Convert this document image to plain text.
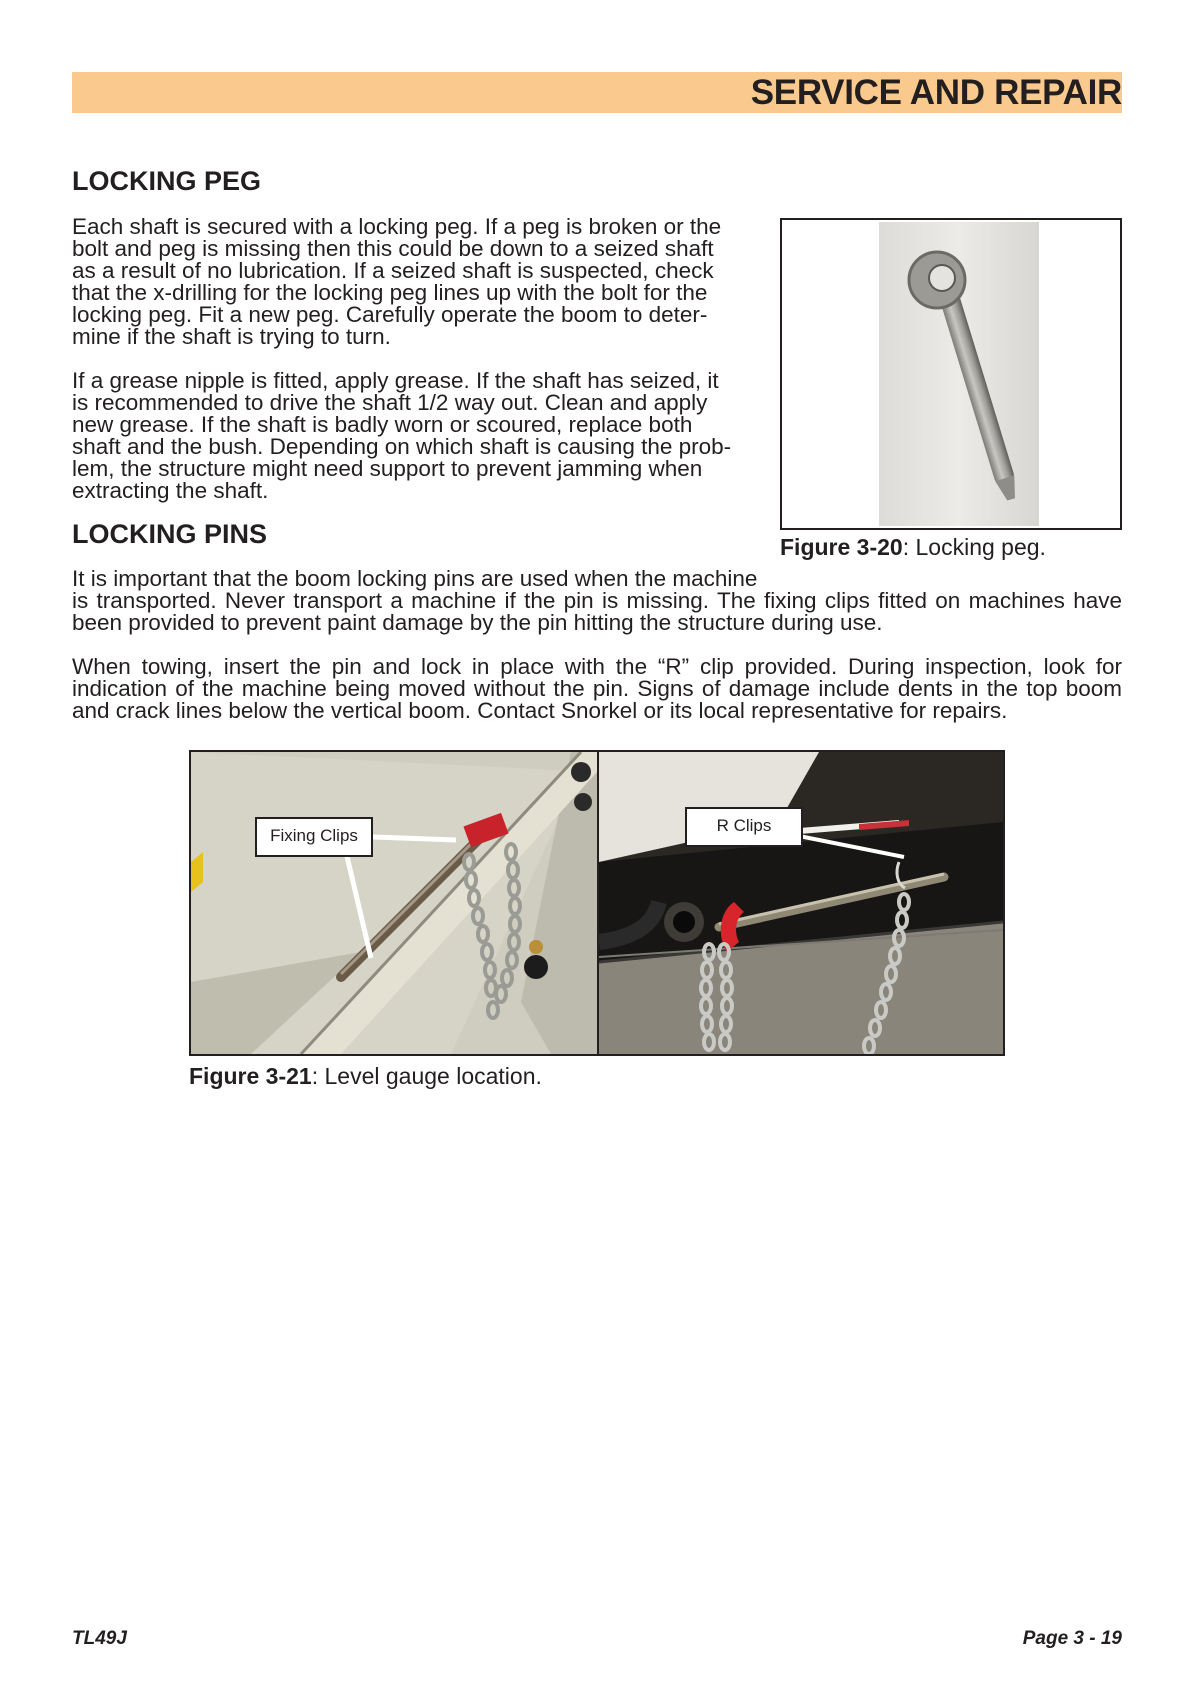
SERVICE AND REPAIR
LOCKING PEG
Each shaft is secured with a locking peg. If a peg is broken or the
bolt and peg is missing then this could be down to a seized shaft
as a result of no lubrication. If a seized shaft is suspected, check
that the x-drilling for the locking peg lines up with the bolt for the
locking peg. Fit a new peg. Carefully operate the boom to deter-
mine if the shaft is trying to turn.
If a grease nipple is fitted, apply grease. If the shaft has seized, it
is recommended to drive the shaft 1/2 way out. Clean and apply
new grease. If the shaft is badly worn or scoured, replace both
shaft and the bush. Depending on which shaft is causing the prob-
lem, the structure might need support to prevent jamming when
extracting the shaft.

Figure 3-20: Locking peg.

LOCKING PINS
It is important that the boom locking pins are used when the machine
is transported. Never transport a machine if the pin is missing. The fixing clips fitted on machines have
been provided to prevent paint damage by the pin hitting the structure during use.
When towing, insert the pin and lock in place with the “R” clip provided. During inspection, look for
indication of the machine being moved without the pin. Signs of damage include dents in the top boom
and crack lines below the vertical boom. Contact Snorkel or its local representative for repairs.
Fixing Clips
R Clips

Figure 3-21: Level gauge location.

TL49J	Page 3 - 19
